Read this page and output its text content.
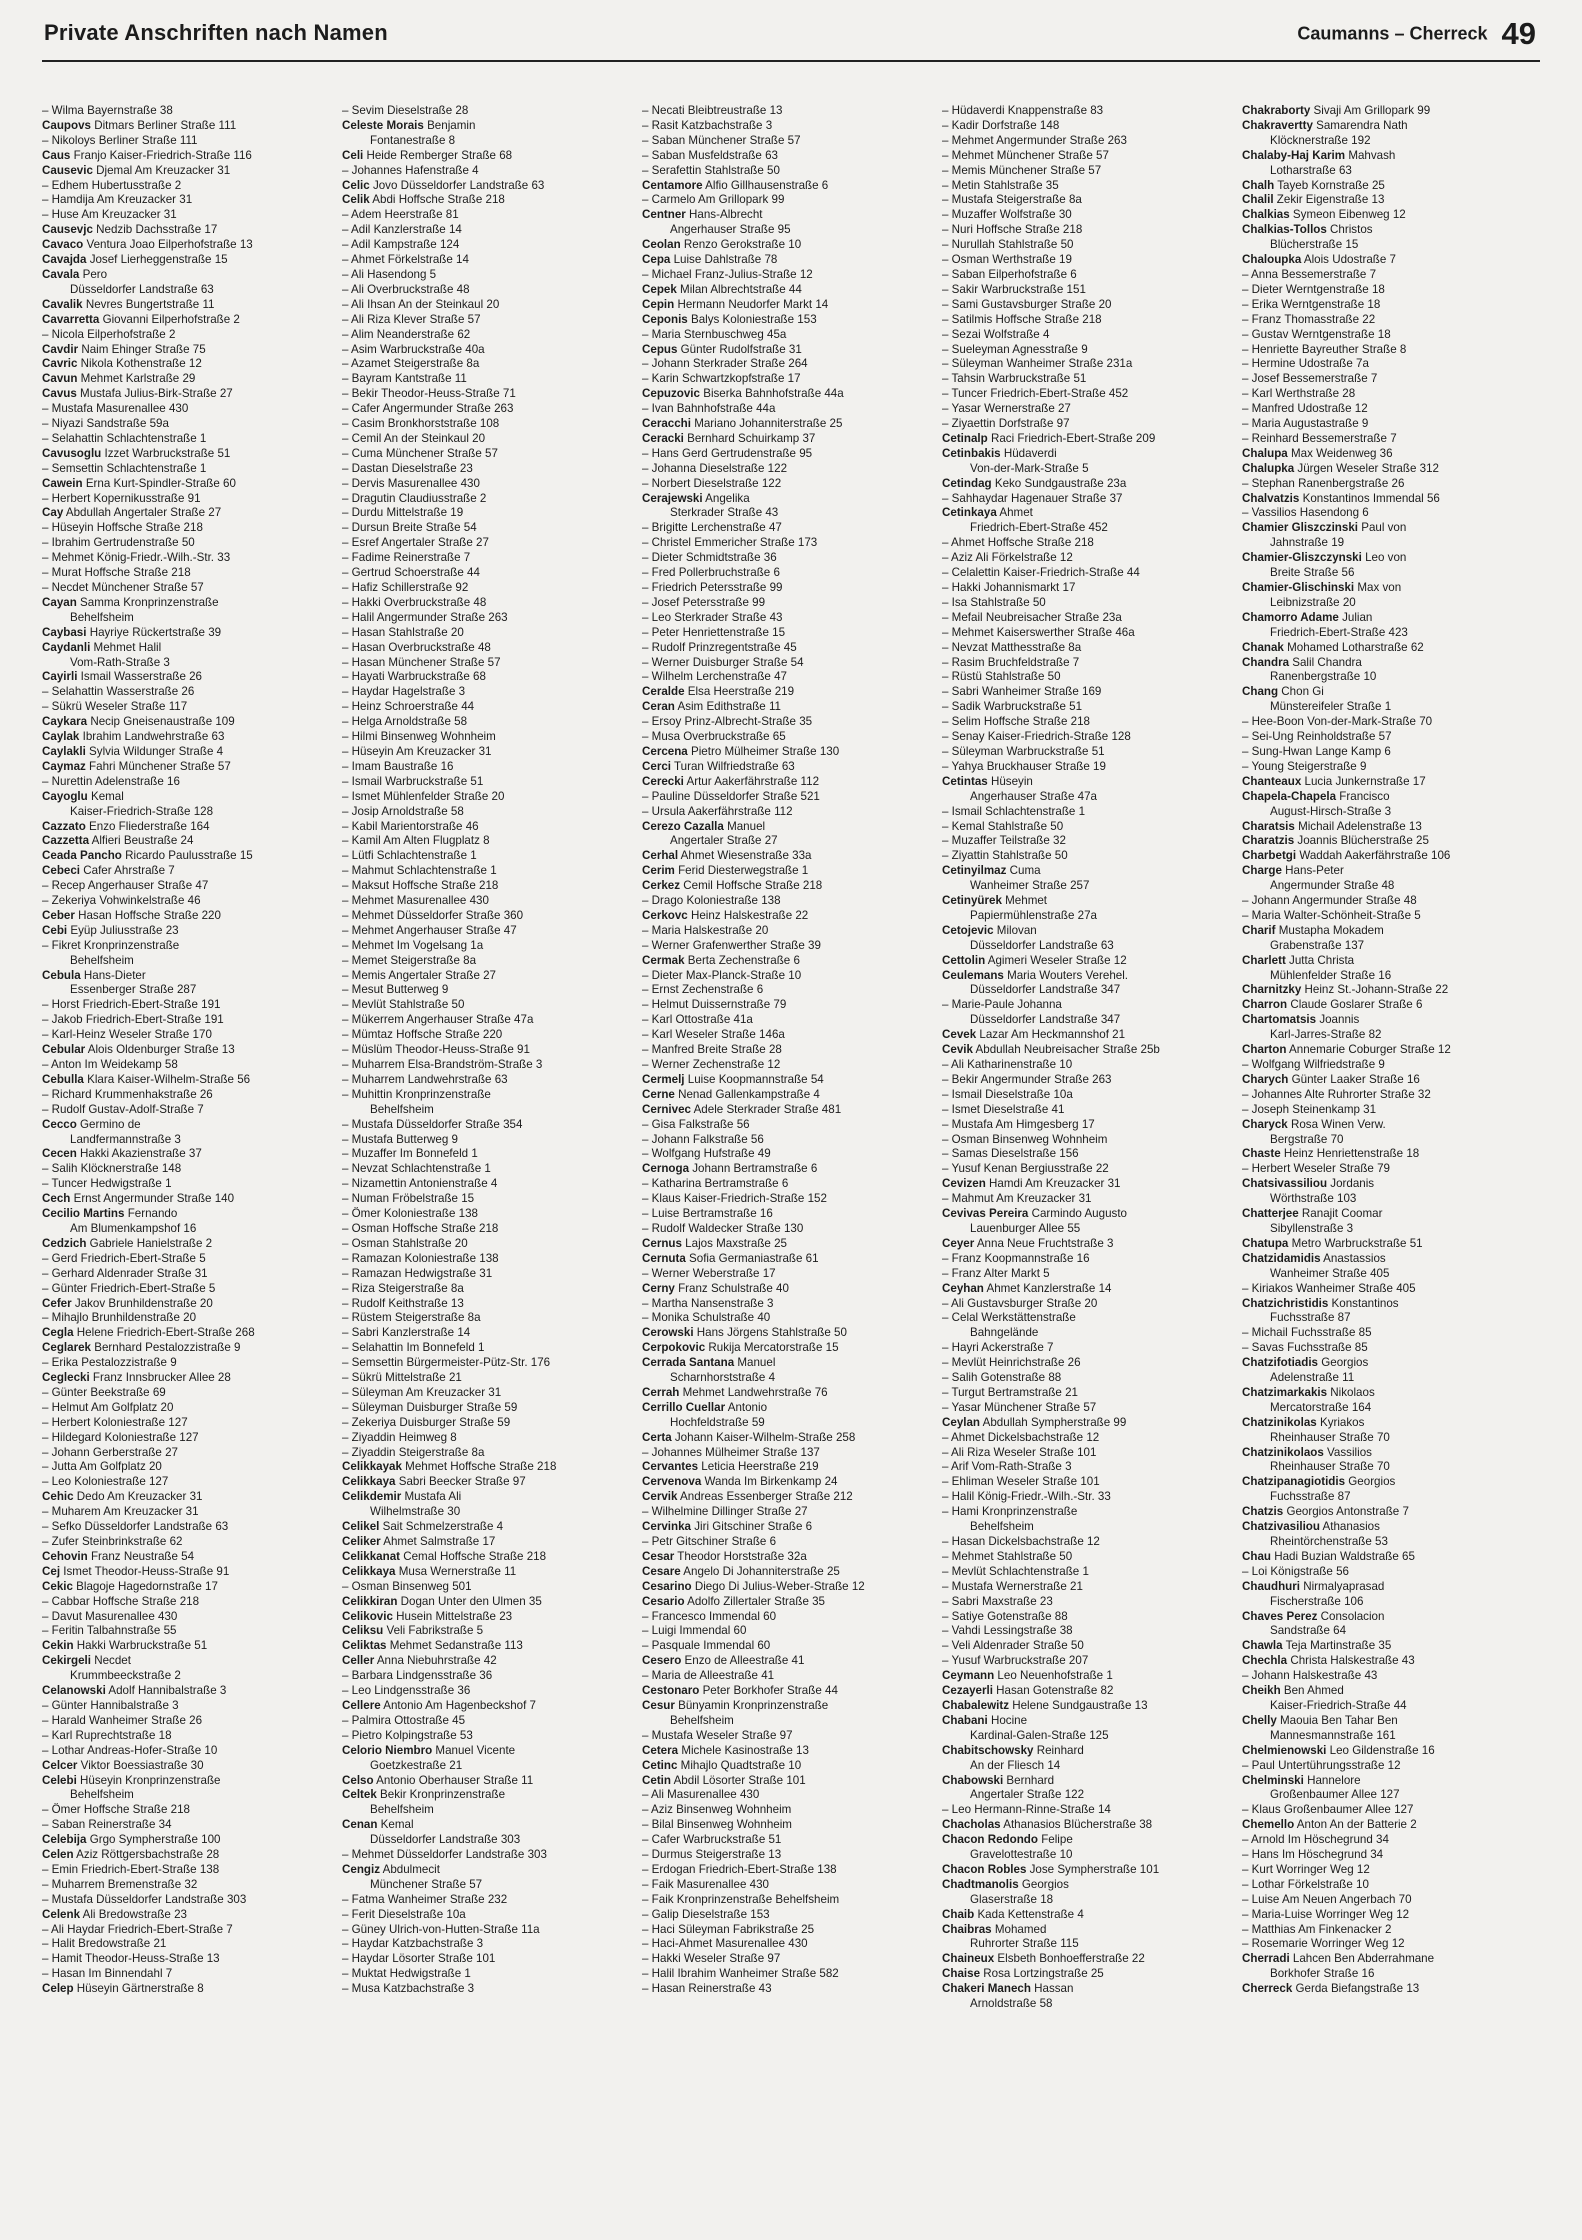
Private Anschriften nach Namen	Caumanns – Cherreck 49
– Wilma Bayernstraße 38
Caupovs Ditmars Berliner Straße 111
– Nikoloys Berliner Straße 111
Caus Franjo Kaiser-Friedrich-Straße 116
Causevic Djemal Am Kreuzacker 31
– Edhem Hubertusstraße 2
– Hamdija Am Kreuzacker 31
– Huse Am Kreuzacker 31
Causevjc Nedzib Dachsstraße 17
Cavaco Ventura Joao Eilperhofstraße 13
Cavajda Josef Lierheggenstraße 15
Cavala Pero
Düsseldorfer Landstraße 63
Cavalik Nevres Bungertstraße 11
Cavarretta Giovanni Eilperhofstraße 2
– Nicola Eilperhofstraße 2
Cavdir Naim Ehinger Straße 75
Cavric Nikola Kothenstraße 12
Cavun Mehmet Karlstraße 29
Cavus Mustafa Julius-Birk-Straße 27
– Mustafa Masurenallee 430
– Niyazi Sandstraße 59a
– Selahattin Schlachtenstraße 1
Cavusoglu Izzet Warbruckstraße 51
– Semsettin Schlachtenstraße 1
Cawein Erna Kurt-Spindler-Straße 60
– Herbert Kopernikusstraße 91
Cay Abdullah Angertaler Straße 27
– Hüseyin Hoffsche Straße 218
– Ibrahim Gertrudenstraße 50
– Mehmet König-Friedr.-Wilh.-Str. 33
– Murat Hoffsche Straße 218
– Necdet Münchener Straße 57
Cayan Samma Kronprinzenstraße
Behelfsheim
Caybasi Hayriye Rückertstraße 39
Caydanli Mehmet Halil
Vom-Rath-Straße 3
Cayirli Ismail Wasserstraße 26
– Selahattin Wasserstraße 26
– Sükrü Weseler Straße 117
Caykara Necip Gneisenaustraße 109
Caylak Ibrahim Landwehrstraße 63
Caylakli Sylvia Wildunger Straße 4
Caymaz Fahri Münchener Straße 57
– Nurettin Adelenstraße 16
Cayoglu Kemal
Kaiser-Friedrich-Straße 128
Cazzato Enzo Fliederstraße 164
Cazzetta Alfieri Beustraße 24
Ceada Pancho Ricardo Paulusstraße 15
Cebeci Cafer Ahrstraße 7
– Recep Angerhauser Straße 47
– Zekeriya Vohwinkelstraße 46
Ceber Hasan Hoffsche Straße 220
Cebi Eyüp Juliusstraße 23
– Fikret Kronprinzenstraße
Behelfsheim
Cebula Hans-Dieter
Essenberger Straße 287
– Horst Friedrich-Ebert-Straße 191
– Jakob Friedrich-Ebert-Straße 191
– Karl-Heinz Weseler Straße 170
Cebular Alois Oldenburger Straße 13
– Anton Im Weidekamp 58
Cebulla Klara Kaiser-Wilhelm-Straße 56
– Richard Krummenhakstraße 26
– Rudolf Gustav-Adolf-Straße 7
Cecco Germino de
Landfermannstraße 3
Cecen Hakki Akazienstraße 37
– Salih Klöcknerstraße 148
– Tuncer Hedwigstraße 1
Cech Ernst Angermunder Straße 140
Cecilio Martins Fernando
Am Blumenkampshof 16
Cedzich Gabriele Hanielstraße 2
– Gerd Friedrich-Ebert-Straße 5
– Gerhard Aldenrader Straße 31
– Günter Friedrich-Ebert-Straße 5
Cefer Jakov Brunhildenstraße 20
– Mihajlo Brunhildenstraße 20
Cegla Helene Friedrich-Ebert-Straße 268
Ceglarek Bernhard Pestalozzistraße 9
– Erika Pestalozzistraße 9
Ceglecki Franz Innsbrucker Allee 28
– Günter Beekstraße 69
– Helmut Am Golfplatz 20
– Herbert Koloniestraße 127
– Hildegard Koloniestraße 127
– Johann Gerberstraße 27
– Jutta Am Golfplatz 20
– Leo Koloniestraße 127
Cehic Dedo Am Kreuzacker 31
– Muharem Am Kreuzacker 31
– Sefko Düsseldorfer Landstraße 63
– Zufer Steinbrinkstraße 62
Cehovin Franz Neustraße 54
Cej Ismet Theodor-Heuss-Straße 91
Cekic Blagoje Hagedornstraße 17
– Cabbar Hoffsche Straße 218
– Davut Masurenallee 430
– Feritin Talbahnstraße 55
Cekin Hakki Warbruckstraße 51
Cekirgeli Necdet
Krummbeeckstraße 2
Celanowski Adolf Hannibalstraße 3
– Günter Hannibalstraße 3
– Harald Wanheimer Straße 26
– Karl Ruprechtstraße 18
– Lothar Andreas-Hofer-Straße 10
Celcer Viktor Boessiastraße 30
Celebi Hüseyin Kronprinzenstraße
Behelfsheim
– Ömer Hoffsche Straße 218
– Saban Reinerstraße 34
Celebija Grgo Sympherstraße 100
Celen Aziz Röttgersbachstraße 28
– Emin Friedrich-Ebert-Straße 138
– Muharrem Bremenstraße 32
– Mustafa Düsseldorfer Landstraße 303
Celenk Ali Bredowstraße 23
– Ali Haydar Friedrich-Ebert-Straße 7
– Halit Bredowstraße 21
– Hamit Theodor-Heuss-Straße 13
– Hasan Im Binnendahl 7
Celep Hüseyin Gärtnerstraße 8
– Sevim Dieselstraße 28
Celeste Morais Benjamin
Fontanestraße 8
Celi Heide Remberger Straße 68
– Johannes Hafenstraße 4
Celic Jovo Düsseldorfer Landstraße 63
Celik Abdi Hoffsche Straße 218
– Adem Heerstraße 81
– Adil Kanzlerstraße 14
– Adil Kampstraße 124
– Ahmet Förkelstraße 14
– Ali Hasendong 5
– Ali Overbruckstraße 48
– Ali Ihsan An der Steinkaul 20
– Ali Riza Klever Straße 57
– Alim Neanderstraße 62
– Asim Warbruckstraße 40a
– Azamet Steigerstraße 8a
– Bayram Kantstraße 11
– Bekir Theodor-Heuss-Straße 71
– Cafer Angermunder Straße 263
– Casim Bronkhorststraße 108
– Cemil An der Steinkaul 20
– Cuma Münchener Straße 57
– Dastan Dieselstraße 23
– Dervis Masurenallee 430
– Dragutin Claudiusstraße 2
– Durdu Mittelstraße 19
– Dursun Breite Straße 54
– Esref Angertaler Straße 27
– Fadime Reinerstraße 7
– Gertrud Schoerstraße 44
– Hafiz Schillerstraße 92
– Hakki Overbruckstraße 48
– Halil Angermunder Straße 263
– Hasan Stahlstraße 20
– Hasan Overbruckstraße 48
– Hasan Münchener Straße 57
– Hayati Warbruckstraße 68
– Haydar Hagelstraße 3
– Heinz Schroerstraße 44
– Helga Arnoldstraße 58
– Hilmi Binsenweg Wohnheim
– Hüseyin Am Kreuzacker 31
– Imam Baustraße 16
– Ismail Warbruckstraße 51
– Ismet Mühlenfelder Straße 20
– Josip Arnoldstraße 58
– Kabil Marientorstraße 46
– Kamil Am Alten Flugplatz 8
– Lütfi Schlachtenstraße 1
– Mahmut Schlachtenstraße 1
– Maksut Hoffsche Straße 218
– Mehmet Masurenallee 430
– Mehmet Düsseldorfer Straße 360
– Mehmet Angerhauser Straße 47
– Mehmet Im Vogelsang 1a
– Memet Steigerstraße 8a
– Memis Angertaler Straße 27
– Mesut Butterweg 9
– Mevlüt Stahlstraße 50
– Mükerrem Angerhauser Straße 47a
– Mümtaz Hoffsche Straße 220
– Müslüm Theodor-Heuss-Straße 91
– Muharrem Elsa-Brandström-Straße 3
– Muharrem Landwehrstraße 63
– Muhittin Kronprinzenstraße
Behelfsheim
– Mustafa Düsseldorfer Straße 354
– Mustafa Butterweg 9
– Muzaffer Im Bonnefeld 1
– Nevzat Schlachtenstraße 1
– Nizamettin Antonienstraße 4
– Numan Fröbelstraße 15
– Ömer Koloniestraße 138
– Osman Hoffsche Straße 218
– Osman Stahlstraße 20
– Ramazan Koloniestraße 138
– Ramazan Hedwigstraße 31
– Riza Steigerstraße 8a
– Rudolf Keithstraße 13
– Rüstem Steigerstraße 8a
– Sabri Kanzlerstraße 14
– Selahattin Im Bonnefeld 1
– Semsettin Bürgermeister-Pütz-Str. 176
– Sükrü Mittelstraße 21
– Süleyman Am Kreuzacker 31
– Süleyman Duisburger Straße 59
– Zekeriya Duisburger Straße 59
– Ziyaddin Heimweg 8
– Ziyaddin Steigerstraße 8a
Celikkayak Mehmet Hoffsche Straße 218
Celikkaya Sabri Beecker Straße 97
Celikdemir Mustafa Ali
Wilhelmstraße 30
Celikel Sait Schmelzerstraße 4
Celiker Ahmet Salmstraße 17
Celikkanat Cemal Hoffsche Straße 218
Celikkaya Musa Wernerstraße 11
– Osman Binsenweg 501
Celikkiran Dogan Unter den Ulmen 35
Celikovic Husein Mittelstraße 23
Celiksu Veli Fabrikstraße 5
Celiktas Mehmet Sedanstraße 113
Celler Anna Niebuhrstraße 42
– Barbara Lindgensstraße 36
– Leo Lindgensstraße 36
Cellere Antonio Am Hagenbeckshof 7
– Palmira Ottostraße 45
– Pietro Kolpingstraße 53
Celorio Niembro Manuel Vicente
Goetzkestraße 21
Celso Antonio Oberhauser Straße 11
Celtek Bekir Kronprinzenstraße
Behelfsheim
Cenan Kemal
Düsseldorfer Landstraße 303
– Mehmet Düsseldorfer Landstraße 303
Cengiz Abdulmecit
Münchener Straße 57
– Fatma Wanheimer Straße 232
– Ferit Dieselstraße 10a
– Güney Ulrich-von-Hutten-Straße 11a
– Haydar Katzbachstraße 3
– Haydar Lösorter Straße 101
– Muktat Hedwigstraße 1
– Musa Katzbachstraße 3
– Necati Bleibtreustraße 13
– Rasit Katzbachstraße 3
– Saban Münchener Straße 57
– Saban Musfeldstraße 63
– Serafettin Stahlstraße 50
Centamore Alfio Gillhausenstraße 6
– Carmelo Am Grillopark 99
Centner Hans-Albrecht
Angerhauser Straße 95
Ceolan Renzo Gerokstraße 10
Cepa Luise Dahlstraße 78
– Michael Franz-Julius-Straße 12
Cepek Milan Albrechtstraße 44
Cepin Hermann Neudorfer Markt 14
Ceponis Balys Koloniestraße 153
– Maria Sternbuschweg 45a
Cepus Günter Rudolfstraße 31
– Johann Sterkrader Straße 264
– Karin Schwartzkopfstraße 17
Cepuzovic Biserka Bahnhofstraße 44a
– Ivan Bahnhofstraße 44a
Ceracchi Mariano Johanniterstraße 25
Ceracki Bernhard Schuirkamp 37
– Hans Gerd Gertrudenstraße 95
– Johanna Dieselstraße 122
– Norbert Dieselstraße 122
Cerajewski Angelika
Sterkrader Straße 43
– Brigitte Lerchenstraße 47
– Christel Emmericher Straße 173
– Dieter Schmidtstraße 36
– Fred Pollerbruchstraße 6
– Friedrich Petersstraße 99
– Josef Petersstraße 99
– Leo Sterkrader Straße 43
– Peter Henriettenstraße 15
– Rudolf Prinzregentstraße 45
– Werner Duisburger Straße 54
– Wilhelm Lerchenstraße 47
Ceralde Elsa Heerstraße 219
Ceran Asim Edithstraße 11
– Ersoy Prinz-Albrecht-Straße 35
– Musa Overbruckstraße 65
Cercena Pietro Mülheimer Straße 130
Cerci Turan Wilfriedstraße 63
Cerecki Artur Aakerfährstraße 112
– Pauline Düsseldorfer Straße 521
– Ursula Aakerfährstraße 112
Cerezo Cazalla Manuel
Angertaler Straße 27
Cerhal Ahmet Wiesenstraße 33a
Cerim Ferid Diesterwegstraße 1
Cerkez Cemil Hoffsche Straße 218
– Drago Koloniestraße 138
Cerkovc Heinz Halskestraße 22
– Maria Halskestraße 20
– Werner Grafenwerther Straße 39
Cermak Berta Zechenstraße 6
– Dieter Max-Planck-Straße 10
– Ernst Zechenstraße 6
– Helmut Duissernstraße 79
– Karl Ottostraße 41a
– Karl Weseler Straße 146a
– Manfred Breite Straße 28
– Werner Zechenstraße 12
Cermelj Luise Koopmannstraße 54
Cerne Nenad Gallenkampstraße 4
Cernivec Adele Sterkrader Straße 481
– Gisa Falkstraße 56
– Johann Falkstraße 56
– Wolfgang Hufstraße 49
Cernoga Johann Bertramstraße 6
– Katharina Bertramstraße 6
– Klaus Kaiser-Friedrich-Straße 152
– Luise Bertramstraße 16
– Rudolf Waldecker Straße 130
Cernus Lajos Maxstraße 25
Cernuta Sofia Germaniastraße 61
– Werner Weberstraße 17
Cerny Franz Schulstraße 40
– Martha Nansenstraße 3
– Monika Schulstraße 40
Cerowski Hans Jörgens Stahlstraße 50
Cerpokovic Rukija Mercatorstraße 15
Cerrada Santana Manuel
Scharnhorststraße 4
Cerrah Mehmet Landwehrstraße 76
Cerrillo Cuellar Antonio
Hochfeldstraße 59
Certa Johann Kaiser-Wilhelm-Straße 258
– Johannes Mülheimer Straße 137
Cervantes Leticia Heerstraße 219
Cervenova Wanda Im Birkenkamp 24
Cervik Andreas Essenberger Straße 212
– Wilhelmine Dillinger Straße 27
Cervinka Jiri Gitschiner Straße 6
– Petr Gitschiner Straße 6
Cesar Theodor Horststraße 32a
Cesare Angelo Di Johanniterstraße 25
Cesarino Diego Di Julius-Weber-Straße 12
Cesario Adolfo Zillertaler Straße 35
– Francesco Immendal 60
– Luigi Immendal 60
– Pasquale Immendal 60
Cesero Enzo de Alleestraße 41
– Maria de Alleestraße 41
Cestonaro Peter Borkhofer Straße 44
Cesur Bünyamin Kronprinzenstraße
Behelfsheim
– Mustafa Weseler Straße 97
Cetera Michele Kasinostraße 13
Cetinc Mihajlo Quadtstraße 10
Cetin Abdil Lösorter Straße 101
– Ali Masurenallee 430
– Aziz Binsenweg Wohnheim
– Bilal Binsenweg Wohnheim
– Cafer Warbruckstraße 51
– Durmus Steigerstraße 13
– Erdogan Friedrich-Ebert-Straße 138
– Faik Masurenallee 430
– Faik Kronprinzenstraße Behelfsheim
– Galip Dieselstraße 153
– Haci Süleyman Fabrikstraße 25
– Haci-Ahmet Masurenallee 430
– Hakki Weseler Straße 97
– Halil Ibrahim Wanheimer Straße 582
– Hasan Reinerstraße 43
– Hüdaverdi Knappenstraße 83
– Kadir Dorfstraße 148
– Mehmet Angermunder Straße 263
– Mehmet Münchener Straße 57
– Memis Münchener Straße 57
– Metin Stahlstraße 35
– Mustafa Steigerstraße 8a
– Muzaffer Wolfstraße 30
– Nuri Hoffsche Straße 218
– Nurullah Stahlstraße 50
– Osman Werthstraße 19
– Saban Eilperhofstraße 6
– Sakir Warbruckstraße 151
– Sami Gustavsburger Straße 20
– Satilmis Hoffsche Straße 218
– Sezai Wolfstraße 4
– Sueleyman Agnesstraße 9
– Süleyman Wanheimer Straße 231a
– Tahsin Warbruckstraße 51
– Tuncer Friedrich-Ebert-Straße 452
– Yasar Wernerstraße 27
– Ziyaettin Dorfstraße 97
Cetinalp Raci Friedrich-Ebert-Straße 209
Cetinbakis Hüdaverdi
Von-der-Mark-Straße 5
Cetindag Keko Sundgaustraße 23a
– Sahhaydar Hagenauer Straße 37
Cetinkaya Ahmet
Friedrich-Ebert-Straße 452
– Ahmet Hoffsche Straße 218
– Aziz Ali Förkelstraße 12
– Celalettin Kaiser-Friedrich-Straße 44
– Hakki Johannismarkt 17
– Isa Stahlstraße 50
– Mefail Neubreisacher Straße 23a
– Mehmet Kaiserswerther Straße 46a
– Nevzat Matthesstraße 8a
– Rasim Bruchfeldstraße 7
– Rüstü Stahlstraße 50
– Sabri Wanheimer Straße 169
– Sadik Warbruckstraße 51
– Selim Hoffsche Straße 218
– Senay Kaiser-Friedrich-Straße 128
– Süleyman Warbruckstraße 51
– Yahya Bruckhauser Straße 19
Cetintas Hüseyin
Angerhauser Straße 47a
– Ismail Schlachtenstraße 1
– Kemal Stahlstraße 50
– Muzaffer Teilstraße 32
– Ziyattin Stahlstraße 50
Cetinyilmaz Cuma
Wanheimer Straße 257
Cetinyürek Mehmet
Papiermühlenstraße 27a
Cetojevic Milovan
Düsseldorfer Landstraße 63
Cettolin Agimeri Weseler Straße 12
Ceulemans Maria Wouters Verehel.
Düsseldorfer Landstraße 347
– Marie-Paule Johanna
Düsseldorfer Landstraße 347
Cevek Lazar Am Heckmannshof 21
Cevik Abdullah Neubreisacher Straße 25b
– Ali Katharinenstraße 10
– Bekir Angermunder Straße 263
– Ismail Dieselstraße 10a
– Ismet Dieselstraße 41
– Mustafa Am Himgesberg 17
– Osman Binsenweg Wohnheim
– Samas Dieselstraße 156
– Yusuf Kenan Bergiusstraße 22
Cevizen Hamdi Am Kreuzacker 31
– Mahmut Am Kreuzacker 31
Cevivas Pereira Carmindo Augusto
Lauenburger Allee 55
Ceyer Anna Neue Fruchtstraße 3
– Franz Koopmannstraße 16
– Franz Alter Markt 5
Ceyhan Ahmet Kanzlerstraße 14
– Ali Gustavsburger Straße 20
– Celal Werkstättenstraße
Bahngelände
– Hayri Ackerstraße 7
– Mevlüt Heinrichstraße 26
– Salih Gotenstraße 88
– Turgut Bertramstraße 21
– Yasar Münchener Straße 57
Ceylan Abdullah Sympherstraße 99
– Ahmet Dickelsbachstraße 12
– Ali Riza Weseler Straße 101
– Arif Vom-Rath-Straße 3
– Ehliman Weseler Straße 101
– Halil König-Friedr.-Wilh.-Str. 33
– Hami Kronprinzenstraße
Behelfsheim
– Hasan Dickelsbachstraße 12
– Mehmet Stahlstraße 50
– Mevlüt Schlachtenstraße 1
– Mustafa Wernerstraße 21
– Sabri Maxstraße 23
– Satiye Gotenstraße 88
– Vahdi Lessingstraße 38
– Veli Aldenrader Straße 50
– Yusuf Warbruckstraße 207
Ceymann Leo Neuenhofstraße 1
Cezayerli Hasan Gotenstraße 82
Chabalewitz Helene Sundgaustraße 13
Chabani Hocine
Kardinal-Galen-Straße 125
Chabitschowsky Reinhard
An der Fliesch 14
Chabowski Bernhard
Angertaler Straße 122
– Leo Hermann-Rinne-Straße 14
Chacholas Athanasios Blücherstraße 38
Chacon Redondo Felipe
Gravelottestraße 10
Chacon Robles Jose Sympherstraße 101
Chadtmanolis Georgios
Glaserstraße 18
Chaib Kada Kettenstraße 4
Chaibras Mohamed
Ruhrorter Straße 115
Chaineux Elsbeth Bonhoefferstraße 22
Chaise Rosa Lortzingstraße 25
Chakeri Manech Hassan
Arnoldstraße 58
Chakraborty Sivaji Am Grillopark 99
Chakravertty Samarendra Nath
Klöcknerstraße 192
Chalaby-Haj Karim Mahvash
Lotharstraße 63
Chalh Tayeb Kornstraße 25
Chalil Zekir Eigenstraße 13
Chalkias Symeon Eibenweg 12
Chalkias-Tollos Christos
Blücherstraße 15
Chaloupka Alois Udostraße 7
– Anna Bessemerstraße 7
– Dieter Werntgenstraße 18
– Erika Werntgenstraße 18
– Franz Thomasstraße 22
– Gustav Werntgenstraße 18
– Henriette Bayreuther Straße 8
– Hermine Udostraße 7a
– Josef Bessemerstraße 7
– Karl Werthstraße 28
– Manfred Udostraße 12
– Maria Augustastraße 9
– Reinhard Bessemerstraße 7
Chalupa Max Weidenweg 36
Chalupka Jürgen Weseler Straße 312
– Stephan Ranenbergstraße 26
Chalvatzis Konstantinos Immendal 56
– Vassilios Hasendong 6
Chamier Gliszczinski Paul von
Jahnstraße 19
Chamier-Gliszczynski Leo von
Breite Straße 56
Chamier-Glischinski Max von
Leibnizstraße 20
Chamorro Adame Julian
Friedrich-Ebert-Straße 423
Chanak Mohamed Lotharstraße 62
Chandra Salil Chandra
Ranenbergstraße 10
Chang Chon Gi
Münstereifeler Straße 1
– Hee-Boon Von-der-Mark-Straße 70
– Sei-Ung Reinholdstraße 57
– Sung-Hwan Lange Kamp 6
– Young Steigerstraße 9
Chanteaux Lucia Junkernstraße 17
Chapela-Chapela Francisco
August-Hirsch-Straße 3
Charatsis Michail Adelenstraße 13
Charatzis Joannis Blücherstraße 25
Charbetgi Waddah Aakerfährstraße 106
Charge Hans-Peter
Angermunder Straße 48
– Johann Angermunder Straße 48
– Maria Walter-Schönheit-Straße 5
Charif Mustapha Mokadem
Grabenstraße 137
Charlett Jutta Christa
Mühlenfelder Straße 16
Charnitzky Heinz St.-Johann-Straße 22
Charron Claude Goslarer Straße 6
Chartomatsis Joannis
Karl-Jarres-Straße 82
Charton Annemarie Coburger Straße 12
– Wolfgang Wilfriedstraße 9
Charych Günter Laaker Straße 16
– Johannes Alte Ruhrorter Straße 32
– Joseph Steinenkamp 31
Charyck Rosa Winen Verw.
Bergstraße 70
Chaste Heinz Henriettenstraße 18
– Herbert Weseler Straße 79
Chatsivassiliou Jordanis
Wörthstraße 103
Chatterjee Ranajit Coomar
Sibyllenstraße 3
Chatupa Metro Warbruckstraße 51
Chatzidamidis Anastassios
Wanheimer Straße 405
– Kiriakos Wanheimer Straße 405
Chatzichristidis Konstantinos
Fuchsstraße 87
– Michail Fuchsstraße 85
– Savas Fuchsstraße 85
Chatzifotiadis Georgios
Adelenstraße 11
Chatzimarkakis Nikolaos
Mercatorstraße 164
Chatzinikolas Kyriakos
Rheinhauser Straße 70
Chatzinikolaos Vassilios
Rheinhauser Straße 70
Chatzipanagiotidis Georgios
Fuchsstraße 87
Chatzis Georgios Antonstraße 7
Chatzivasiliou Athanasios
Rheintörchenstraße 53
Chau Hadi Buzian Waldstraße 65
– Loi Königstraße 56
Chaudhuri Nirmalyaprasad
Fischerstraße 106
Chaves Perez Consolacion
Sandstraße 64
Chawla Teja Martinstraße 35
Chechla Christa Halskestraße 43
– Johann Halskestraße 43
Cheikh Ben Ahmed
Kaiser-Friedrich-Straße 44
Chelly Maouia Ben Tahar Ben
Mannesmannstraße 161
Chelmienowski Leo Gildenstraße 16
– Paul Untertührungsstraße 12
Chelminski Hannelore
Großenbaumer Allee 127
– Klaus Großenbaumer Allee 127
Chemello Anton An der Batterie 2
– Arnold Im Höschegrund 34
– Hans Im Höschegrund 34
– Kurt Worringer Weg 12
– Lothar Förkelstraße 10
– Luise Am Neuen Angerbach 70
– Maria-Luise Worringer Weg 12
– Matthias Am Finkenacker 2
– Rosemarie Worringer Weg 12
Cherradi Lahcen Ben Abderrahmane
Borkhofer Straße 16
Cherreck Gerda Biefangstraße 13
